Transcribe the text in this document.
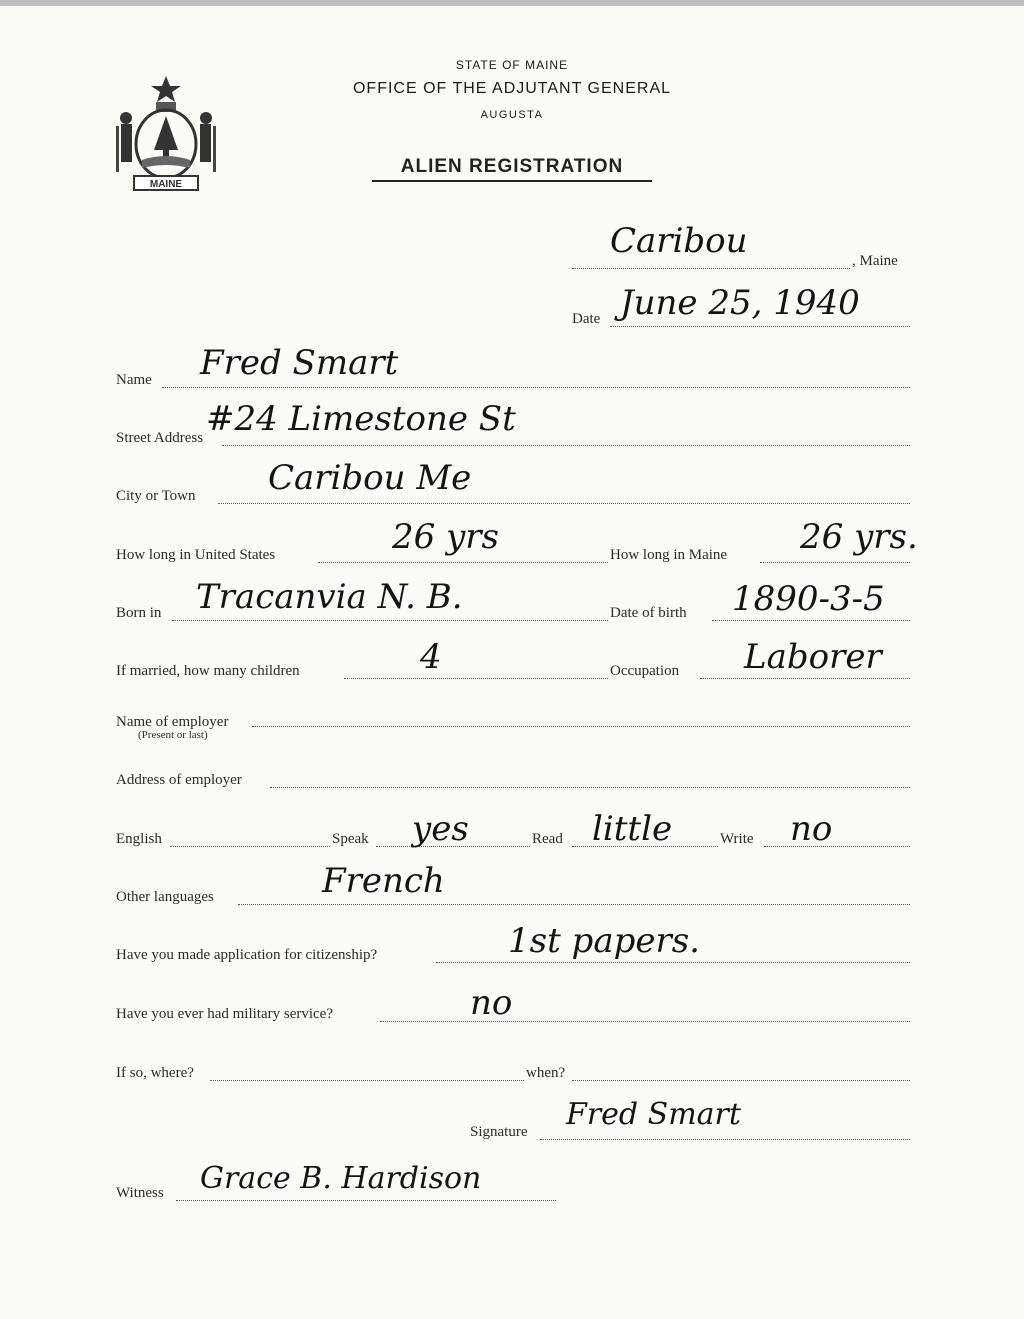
MAINE
STATE OF MAINE
OFFICE OF THE ADJUTANT GENERAL
AUGUSTA
ALIEN REGISTRATION
Caribou	, Maine
Date June 25, 1940
Name Fred Smart
Street Address #24 Limestone St
City or Town Caribou Me
How long in United States	26 yrs	How long in Maine 26 yrs.
Born in Tracanvia N. B.	Date of birth 1890-3-5
If married, how many children	4	Occupation Laborer
Name of employer
(Present or last)
Address of employer
English	Speak yes	Read little	Write no
Other languages	French
Have you made application for citizenship?	1st papers.
Have you ever had military service?	no
If so, where?	when?
Signature Fred Smart
Witness Grace B. Hardison
